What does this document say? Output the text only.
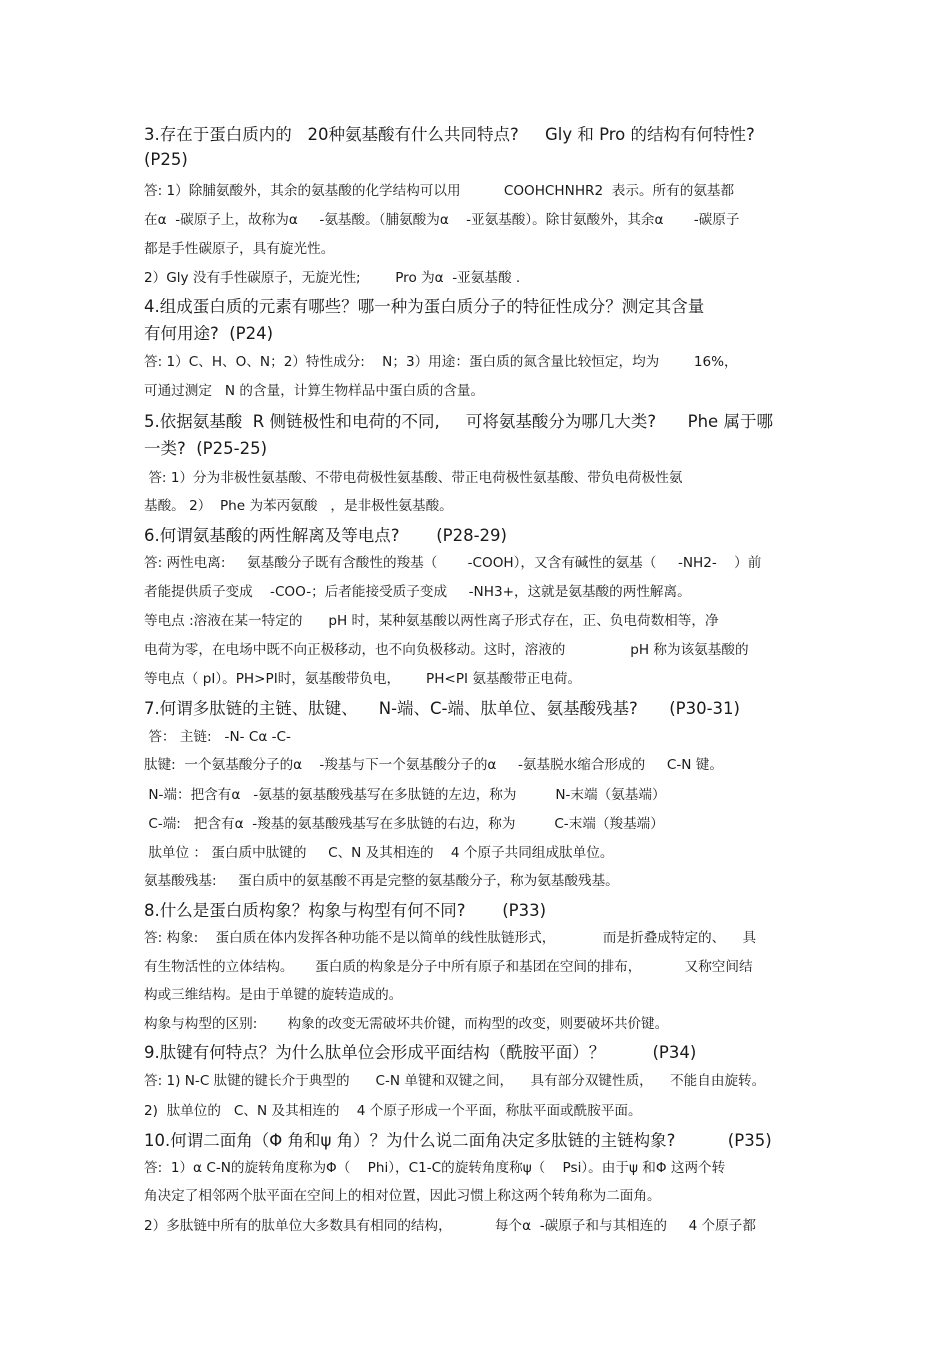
3.存在于蛋白质内的   20种氨基酸有什么共同特点?     Gly 和 Pro 的结构有何特性?
(P25)
答: 1）除脯氨酸外，其余的氨基酸的化学结构可以用          COOHCHNHR2  表示。所有的氨基都
在α  -碳原子上，故称为α     -氨基酸。（脯氨酸为α    -亚氨基酸）。除甘氨酸外，其余α       -碳原子
都是手性碳原子，具有旋光性。
2）Gly 没有手性碳原子，无旋光性;        Pro 为α  -亚氨基酸 .
4.组成蛋白质的元素有哪些？哪一种为蛋白质分子的特征性成分？测定其含量
有何用途?  (P24)
答: 1）C、H、O、N；2）特性成分:    N；3）用途：蛋白质的氮含量比较恒定，均为        16%，
可通过测定   N 的含量，计算生物样品中蛋白质的含量。
5.依据氨基酸  R 侧链极性和电荷的不同,     可将氨基酸分为哪几大类?      Phe 属于哪
一类?  (P25-25)
答: 1）分为非极性氨基酸、不带电荷极性氨基酸、带正电荷极性氨基酸、带负电荷极性氨
基酸。 2）  Phe 为苯丙氨酸   ，是非极性氨基酸。
6.何谓氨基酸的两性解离及等电点?       (P28-29)
答: 两性电离:     氨基酸分子既有含酸性的羧基（       -COOH），又含有碱性的氨基（     -NH2-    ）前
者能提供质子变成    -COO-；后者能接受质子变成     -NH3+，这就是氨基酸的两性解离。
等电点 :溶液在某一特定的      pH 时，某种氨基酸以两性离子形式存在，正、负电荷数相等，净
电荷为零，在电场中既不向正极移动，也不向负极移动。这时，溶液的               pH 称为该氨基酸的
等电点（ pI）。PH>PI时，氨基酸带负电，      PH<PI 氨基酸带正电荷。
7.何谓多肽链的主链、肽键、    N-端、C-端、肽单位、氨基酸残基?      (P30-31)
答： 主链:   -N- Cα -C-
肽键:  一个氨基酸分子的α    -羧基与下一个氨基酸分子的α     -氨基脱水缩合形成的     C-N 键。
N-端：把含有α   -氨基的氨基酸残基写在多肽链的左边，称为         N-末端（氨基端）
C-端:   把含有α  -羧基的氨基酸残基写在多肽链的右边，称为         C-末端（羧基端）
肽单位 ： 蛋白质中肽键的     C、N 及其相连的    4 个原子共同组成肽单位。
氨基酸残基:     蛋白质中的氨基酸不再是完整的氨基酸分子，称为氨基酸残基。
8.什么是蛋白质构象？构象与构型有何不同?       (P33)
答: 构象:    蛋白质在体内发挥各种功能不是以简单的线性肽链形式，           而是折叠成特定的、    具
有生物活性的立体结构。     蛋白质的构象是分子中所有原子和基团在空间的排布，          又称空间结
构或三维结构。是由于单键的旋转造成的。
构象与构型的区别:       构象的改变无需破坏共价键，而构型的改变，则要破坏共价键。
9.肽键有何特点？为什么肽单位会形成平面结构（酰胺平面）？         (P34)
答: 1) N-C 肽键的键长介于典型的      C-N 单键和双键之间，    具有部分双键性质，    不能自由旋转。
2)  肽单位的   C、N 及其相连的    4 个原子形成一个平面，称肽平面或酰胺平面。
10.何谓二面角（Φ 角和ψ 角）？为什么说二面角决定多肽链的主链构象?          (P35)
答:  1）α C-N的旋转角度称为Φ（    Phi），C1-C的旋转角度称ψ（    Psi）。由于ψ 和Φ 这两个转
角决定了相邻两个肽平面在空间上的相对位置，因此习惯上称这两个转角称为二面角。
2）多肽链中所有的肽单位大多数具有相同的结构，          每个α  -碳原子和与其相连的     4 个原子都
